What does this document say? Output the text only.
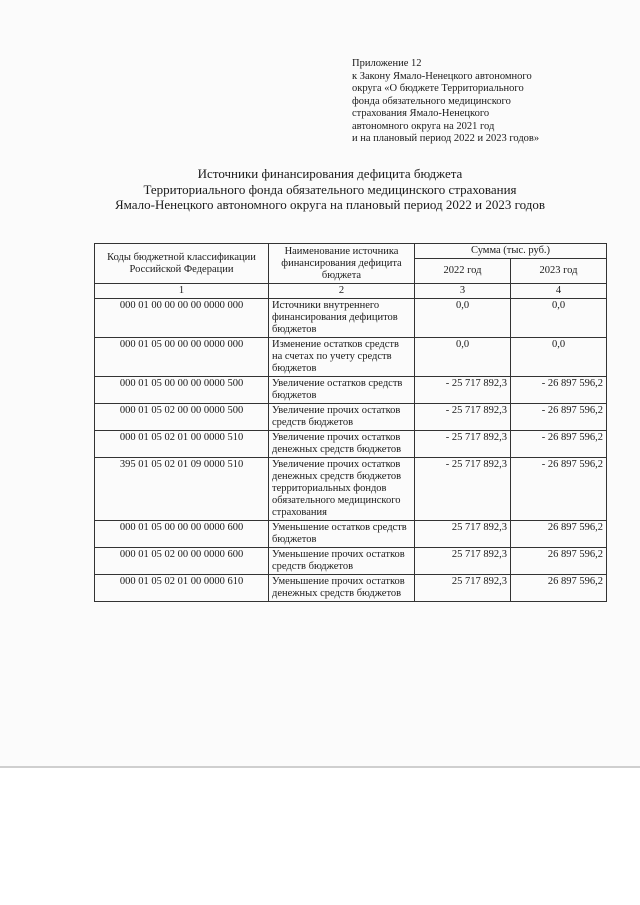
Приложение 12
к Закону Ямало-Ненецкого автономного
округа «О бюджете Территориального
фонда обязательного медицинского
страхования Ямало-Ненецкого
автономного округа на 2021 год
и на плановый период 2022 и 2023 годов»
Источники финансирования дефицита бюджета
Территориального фонда обязательного медицинского страхования
Ямало-Ненецкого автономного округа на плановый период 2022 и 2023 годов
Коды бюджетной классификации Российской Федерации	Наименование источника финансирования дефицита бюджета	Сумма (тыс. руб.)	
		2022 год	2023 год
1	2	3	4
000 01 00 00 00 00 0000 000	Источники внутреннего финансирования дефицитов бюджетов	0,0	0,0
000 01 05 00 00 00 0000 000	Изменение остатков средств на счетах по учету средств бюджетов	0,0	0,0
000 01 05 00 00 00 0000 500	Увеличение остатков средств бюджетов	- 25 717 892,3	- 26 897 596,2
000 01 05 02 00 00 0000 500	Увеличение прочих остатков средств бюджетов	- 25 717 892,3	- 26 897 596,2
000 01 05 02 01 00 0000 510	Увеличение прочих остатков денежных средств бюджетов	- 25 717 892,3	- 26 897 596,2
395 01 05 02 01 09 0000 510	Увеличение прочих остатков денежных средств бюджетов территориальных фондов обязательного медицинского страхования	- 25 717 892,3	- 26 897 596,2
000 01 05 00 00 00 0000 600	Уменьшение остатков средств бюджетов	25 717 892,3	26 897 596,2
000 01 05 02 00 00 0000 600	Уменьшение прочих остатков средств бюджетов	25 717 892,3	26 897 596,2
000 01 05 02 01 00 0000 610	Уменьшение прочих остатков денежных средств бюджетов	25 717 892,3	26 897 596,2
